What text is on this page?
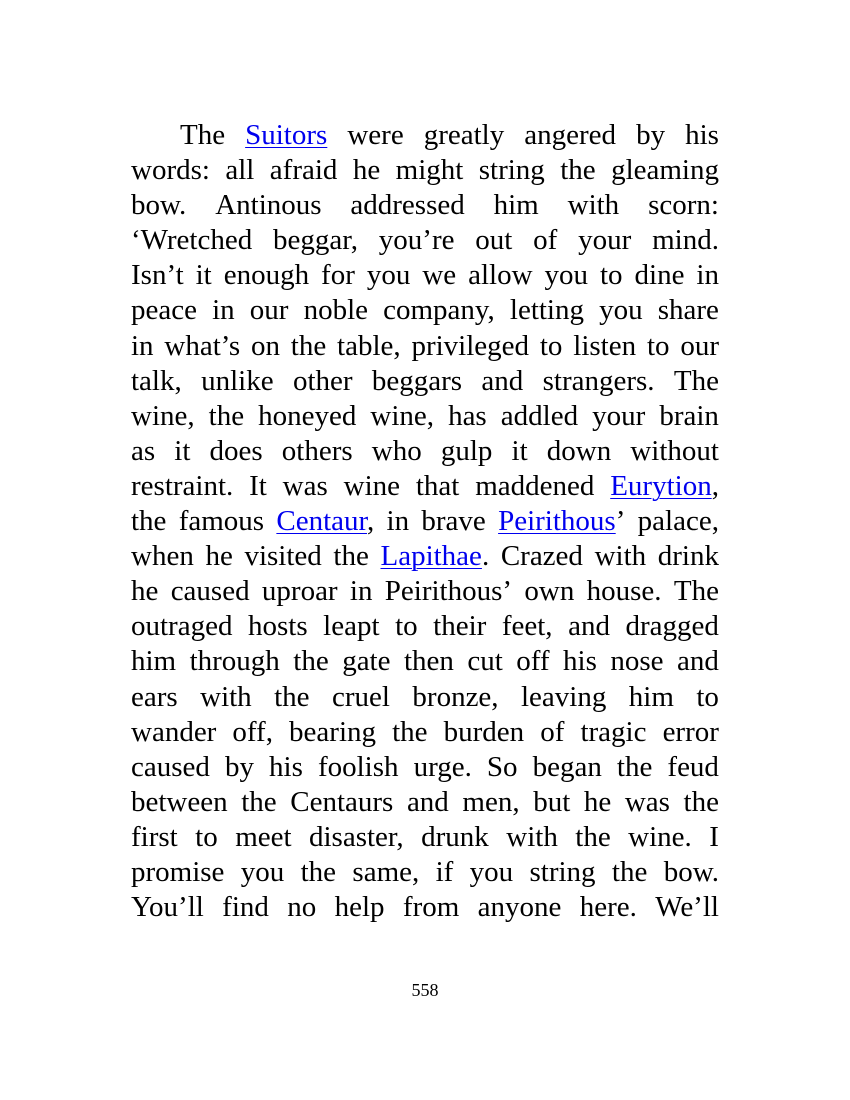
The Suitors were greatly angered by his
words: all afraid he might string the gleaming
bow. Antinous addressed him with scorn:
‘Wretched beggar, you’re out of your mind.
Isn’t it enough for you we allow you to dine in
peace in our noble company, letting you share
in what’s on the table, privileged to listen to our
talk, unlike other beggars and strangers. The
wine, the honeyed wine, has addled your brain
as it does others who gulp it down without
restraint. It was wine that maddened Eurytion,
the famous Centaur, in brave Peirithous’ palace,
when he visited the Lapithae. Crazed with drink
he caused uproar in Peirithous’ own house. The
outraged hosts leapt to their feet, and dragged
him through the gate then cut off his nose and
ears with the cruel bronze, leaving him to
wander off, bearing the burden of tragic error
caused by his foolish urge. So began the feud
between the Centaurs and men, but he was the
first to meet disaster, drunk with the wine. I
promise you the same, if you string the bow.
You’ll find no help from anyone here. We’ll
558
